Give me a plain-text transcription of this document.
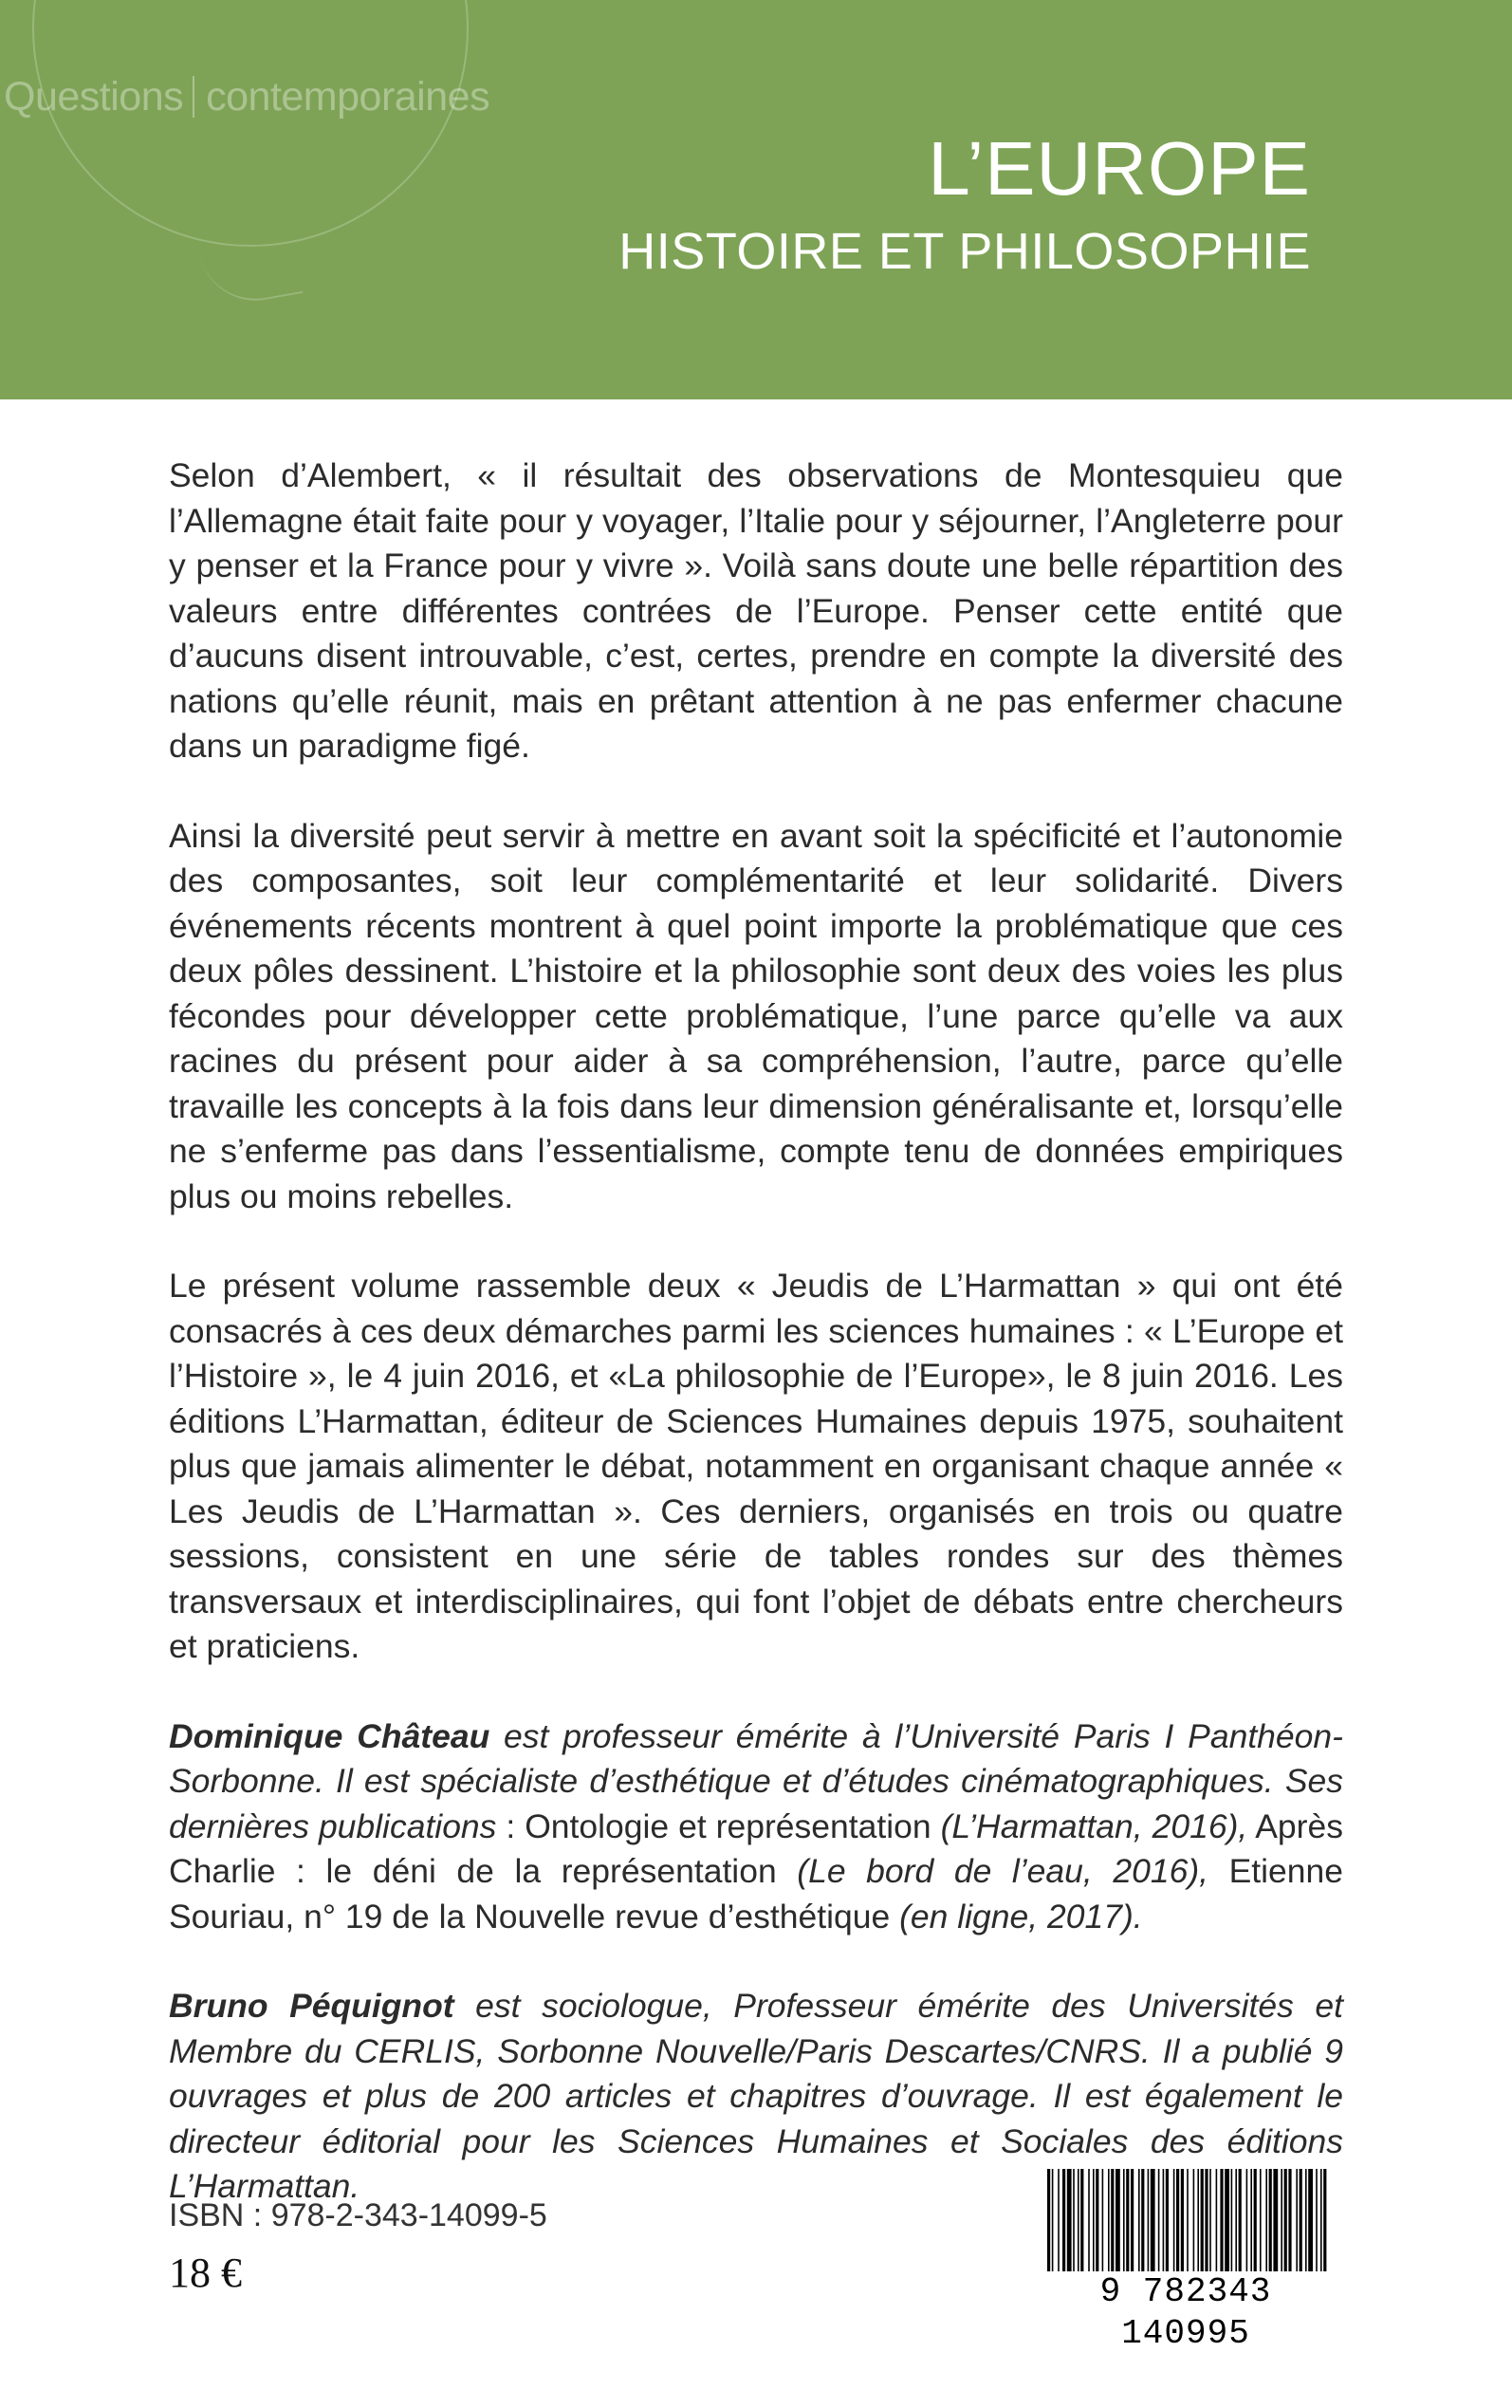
Questions contemporaines
L’EUROPE
HISTOIRE ET PHILOSOPHIE

Selon d’Alembert, « il résultait des observations de Montesquieu que l’Allemagne était faite pour y voyager, l’Italie pour y séjourner, l’Angleterre pour y penser et la France pour y vivre ». Voilà sans doute une belle répartition des valeurs entre différentes contrées de l’Europe. Penser cette entité que d’aucuns disent introuvable, c’est, certes, prendre en compte la diversité des nations qu’elle réunit, mais en prêtant attention à ne pas enfermer chacune dans un paradigme figé.

Ainsi la diversité peut servir à mettre en avant soit la spécificité et l’autonomie des composantes, soit leur complémentarité et leur solidarité. Divers événements récents montrent à quel point importe la problématique que ces deux pôles dessinent. L’histoire et la philosophie sont deux des voies les plus fécondes pour développer cette problématique, l’une parce qu’elle va aux racines du présent pour aider à sa compréhension, l’autre, parce qu’elle travaille les concepts à la fois dans leur dimension généralisante et, lorsqu’elle ne s’enferme pas dans l’essentialisme, compte tenu de données empiriques plus ou moins rebelles.

Le présent volume rassemble deux « Jeudis de L’Harmattan » qui ont été consacrés à ces deux démarches parmi les sciences humaines : « L’Europe et l’Histoire », le 4 juin 2016, et «La philosophie de l’Europe», le 8 juin 2016. Les éditions L’Harmattan, éditeur de Sciences Humaines depuis 1975, souhaitent plus que jamais alimenter le débat, notamment en organisant chaque année « Les Jeudis de L’Harmattan ». Ces derniers, organisés en trois ou quatre sessions, consistent en une série de tables rondes sur des thèmes transversaux et interdisciplinaires, qui font l’objet de débats entre chercheurs et praticiens.

Dominique Château est professeur émérite à l’Université Paris I Panthéon-Sorbonne. Il est spécialiste d’esthétique et d’études cinématographiques. Ses dernières publications : Ontologie et représentation (L’Harmattan, 2016), Après Charlie : le déni de la représentation (Le bord de l’eau, 2016), Etienne Souriau, n° 19 de la Nouvelle revue d’esthétique (en ligne, 2017).
Bruno Péquignot est sociologue, Professeur émérite des Universités et Membre du CERLIS, Sorbonne Nouvelle/Paris Descartes/CNRS. Il a publié 9 ouvrages et plus de 200 articles et chapitres d’ouvrage. Il est également le directeur éditorial pour les Sciences Humaines et Sociales des éditions L’Harmattan.
ISBN : 978-2-343-14099-5
18 €	9 782343 140995
